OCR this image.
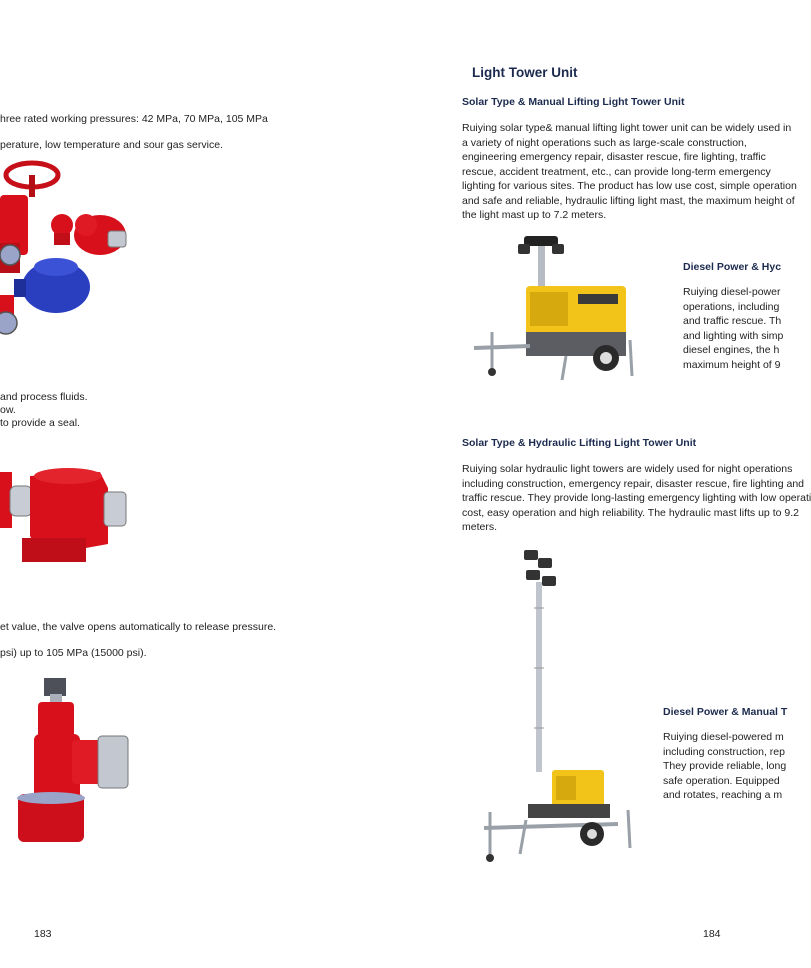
hree rated working pressures: 42 MPa, 70 MPa, 105 MPa
perature, low temperature and sour gas service.
and process fluids.
ow.
to provide a seal.
et value, the valve opens automatically to release pressure.
psi) up to 105 MPa (15000 psi).
183
Light Tower Unit
Solar Type & Manual Lifting Light Tower Unit
Ruiying solar type& manual lifting light tower unit can be widely used in
a variety of night operations such as large-scale construction,
engineering emergency repair, disaster rescue, fire lighting, traffic
rescue, accident treatment, etc., can provide long-term emergency
lighting for various sites. The product has low use cost, simple operation
and safe and reliable, hydraulic lifting light mast, the maximum height of
the light mast up to 7.2 meters.
Diesel Power & Hyc
Ruiying diesel-power
operations, including
and traffic rescue. Th
and lighting with simp
diesel engines, the h
maximum height of 9
Solar Type & Hydraulic Lifting Light Tower Unit
Ruiying solar hydraulic light towers are widely used for night operations
including construction, emergency repair, disaster rescue, fire lighting and
traffic rescue. They provide long-lasting emergency lighting with low operati
cost, easy operation and high reliability. The hydraulic mast lifts up to 9.2
meters.
Diesel Power & Manual T
Ruiying diesel-powered m
including construction, rep
They provide reliable, long
safe operation. Equipped
and rotates, reaching a m
184
